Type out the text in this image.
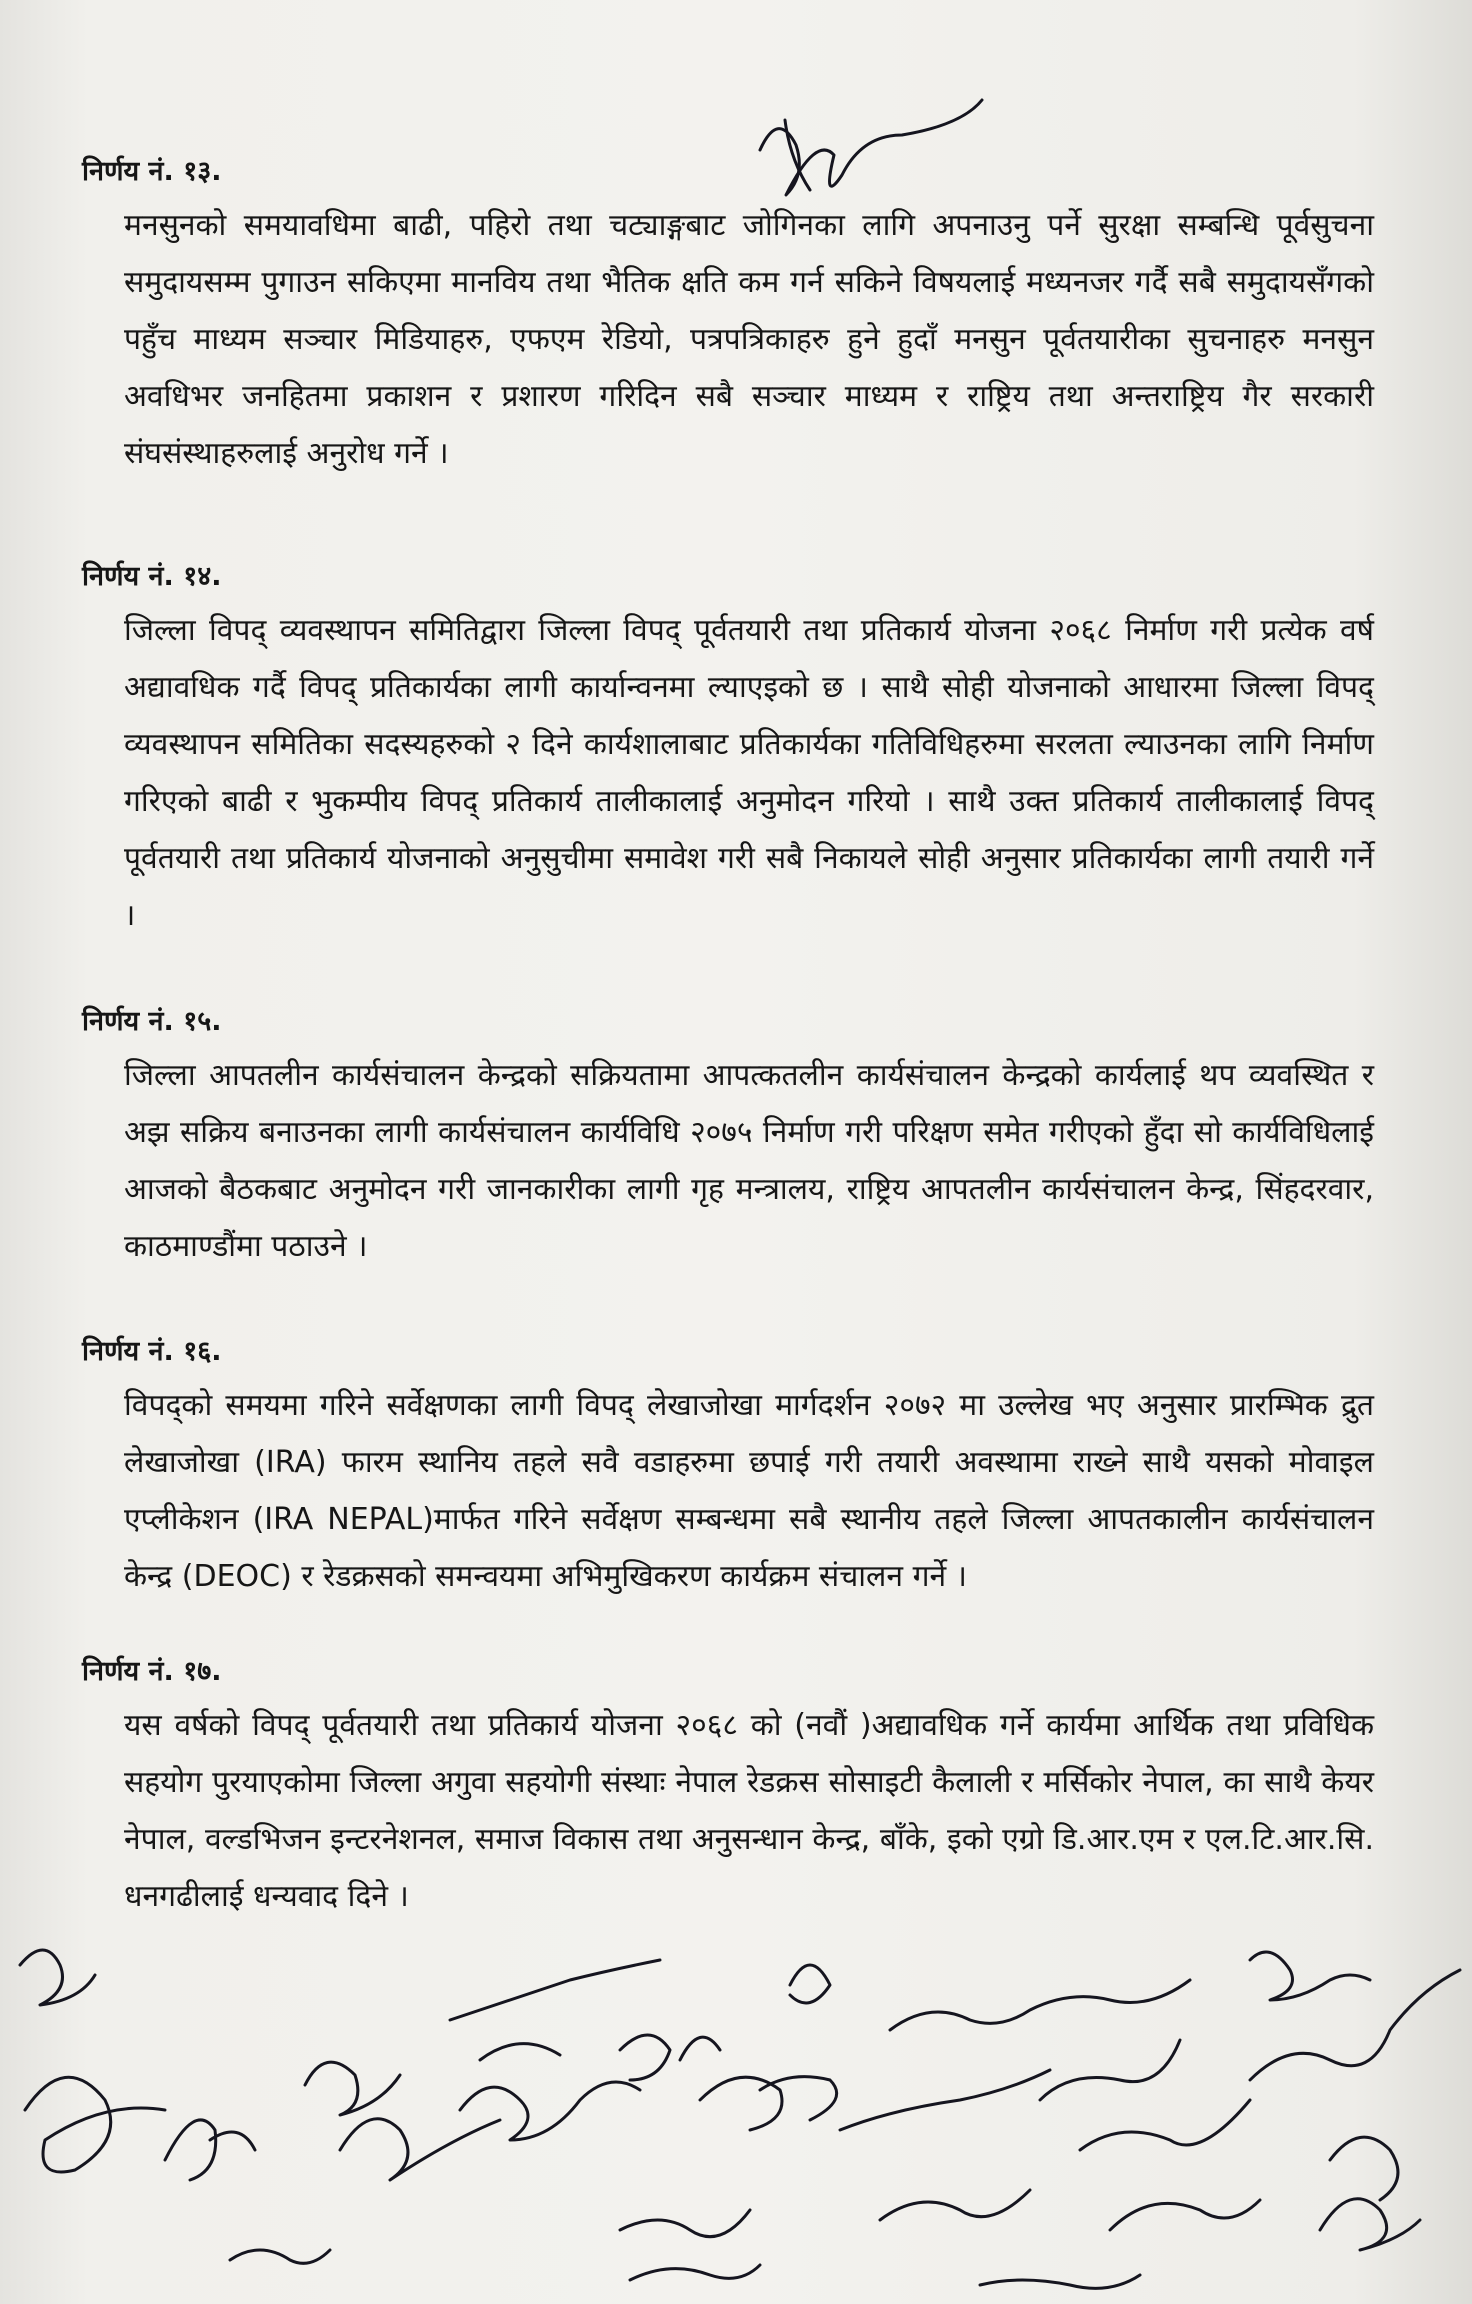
निर्णय नं. १३.
मनसुनको समयावधिमा बाढी, पहिरो तथा चट्याङ्गबाट जोगिनका लागि अपनाउनु पर्ने सुरक्षा सम्बन्धि पूर्वसुचना समुदायसम्म पुगाउन सकिएमा मानविय तथा भैतिक क्षति कम गर्न सकिने विषयलाई मध्यनजर गर्दै सबै समुदायसँगको पहुँच माध्यम सञ्चार मिडियाहरु, एफएम रेडियो, पत्रपत्रिकाहरु हुने हुदाँ मनसुन पूर्वतयारीका सुचनाहरु मनसुन अवधिभर जनहितमा प्रकाशन र प्रशारण गरिदिन सबै सञ्चार माध्यम र राष्ट्रिय तथा अन्तराष्ट्रिय गैर सरकारी संघसंस्थाहरुलाई अनुरोध गर्ने ।
निर्णय नं. १४.
जिल्ला विपद् व्यवस्थापन समितिद्वारा जिल्ला विपद् पूर्वतयारी तथा प्रतिकार्य योजना २०६८ निर्माण गरी प्रत्येक वर्ष अद्यावधिक गर्दै विपद् प्रतिकार्यका लागी कार्यान्वनमा ल्याएइको छ । साथै सोही योजनाको आधारमा जिल्ला विपद् व्यवस्थापन समितिका सदस्यहरुको २ दिने कार्यशालाबाट प्रतिकार्यका गतिविधिहरुमा सरलता ल्याउनका लागि निर्माण गरिएको बाढी र भुकम्पीय विपद् प्रतिकार्य तालीकालाई अनुमोदन गरियो । साथै उक्त प्रतिकार्य तालीकालाई विपद् पूर्वतयारी तथा प्रतिकार्य योजनाको अनुसुचीमा समावेश गरी सबै निकायले सोही अनुसार प्रतिकार्यका लागी तयारी गर्ने ।
निर्णय नं. १५.
जिल्ला आपतलीन कार्यसंचालन केन्द्रको सक्रियतामा आपत्कतलीन कार्यसंचालन केन्द्रको कार्यलाई थप व्यवस्थित र अझ सक्रिय बनाउनका लागी कार्यसंचालन कार्यविधि २०७५ निर्माण गरी परिक्षण समेत गरीएको हुँदा सो कार्यविधिलाई आजको बैठकबाट अनुमोदन गरी जानकारीका लागी गृह मन्त्रालय, राष्ट्रिय आपतलीन कार्यसंचालन केन्द्र, सिंहदरवार, काठमाण्डौंमा पठाउने ।
निर्णय नं. १६.
विपद्को समयमा गरिने सर्वेक्षणका लागी विपद् लेखाजोखा मार्गदर्शन २०७२ मा उल्लेख भए अनुसार प्रारम्भिक द्रुत लेखाजोखा (IRA) फारम स्थानिय तहले सवै वडाहरुमा छपाई गरी तयारी अवस्थामा राख्ने साथै यसको मोवाइल एप्लीकेशन (IRA NEPAL)मार्फत गरिने सर्वेक्षण सम्बन्धमा सबै स्थानीय तहले जिल्ला आपतकालीन कार्यसंचालन केन्द्र (DEOC) र रेडक्रसको समन्वयमा अभिमुखिकरण कार्यक्रम संचालन गर्ने ।
निर्णय नं. १७.
यस वर्षको विपद् पूर्वतयारी तथा प्रतिकार्य योजना २०६८ को (नवौं )अद्यावधिक गर्ने कार्यमा आर्थिक तथा प्रविधिक सहयोग पुरयाएकोमा जिल्ला अगुवा सहयोगी संस्थाः नेपाल रेडक्रस सोसाइटी कैलाली र मर्सिकोर नेपाल, का साथै केयर नेपाल, वल्डभिजन इन्टरनेशनल, समाज विकास तथा अनुसन्धान केन्द्र, बाँके, इको एग्रो डि.आर.एम र एल.टि.आर.सि. धनगढीलाई धन्यवाद दिने ।
